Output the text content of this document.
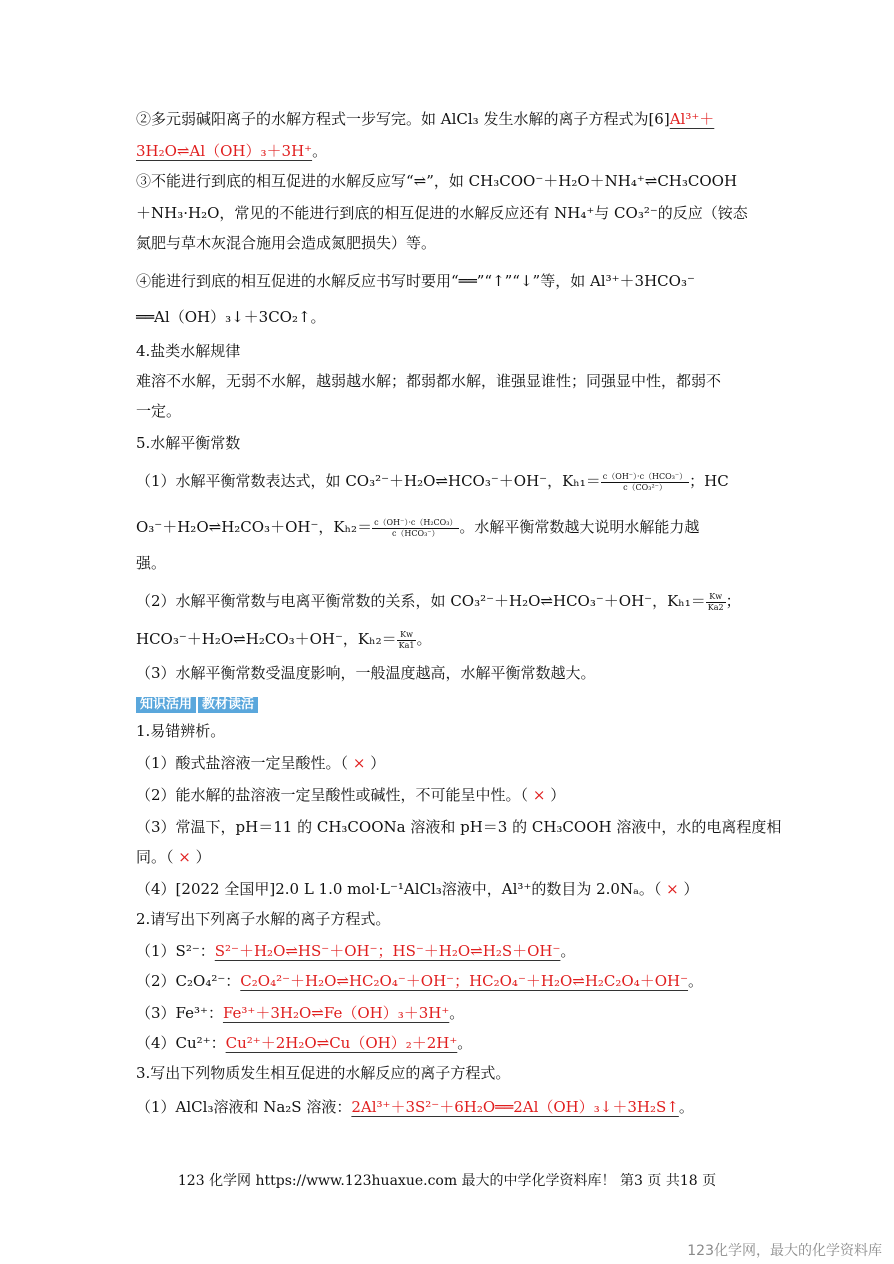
②多元弱碱阳离子的水解方程式一步写完。如 AlCl₃ 发生水解的离子方程式为[6]Al³⁺＋
3H₂O⇌Al（OH）₃＋3H⁺。
③不能进行到底的相互促进的水解反应写“⇌”，如 CH₃COO⁻＋H₂O＋NH₄⁺⇌CH₃COOH
＋NH₃·H₂O，常见的不能进行到底的相互促进的水解反应还有 NH₄⁺与 CO₃²⁻的反应（铵态
氮肥与草木灰混合施用会造成氮肥损失）等。
④能进行到底的相互促进的水解反应书写时要用“══”“↑”“↓”等，如 Al³⁺＋3HCO₃⁻
══Al（OH）₃↓＋3CO₂↑。
4.盐类水解规律
难溶不水解，无弱不水解，越弱越水解；都弱都水解，谁强显谁性；同强显中性，都弱不
一定。
5.水解平衡常数
（1）水解平衡常数表达式，如 CO₃²⁻＋H₂O⇌HCO₃⁻＋OH⁻，$K_{h1}= \frac{\text{c（OH⁻）·c（HCO₃⁻）}}{\text{c（CO₃²⁻）}}$ ；HC
O₃⁻＋H₂O⇌H₂CO₃＋OH⁻，$K_{h2}= \frac{\text{c（OH⁻）·c（H₂CO₃）}}{\text{c（HCO₃⁻）}}$ 。水解平衡常数越大说明水解能力越
强。
（2）水解平衡常数与电离平衡常数的关系，如 CO₃²⁻＋H₂O⇌HCO₃⁻＋OH⁻，$K_{h1}= \frac{Kw}{Ka2}$ ；
HCO₃⁻＋H₂O⇌H₂CO₃＋OH⁻，$K_{h2}= \frac{Kw}{Ka1}$ 。
（3）水解平衡常数受温度影响，一般温度越高，水解平衡常数越大。
知识活用 教材读活
1.易错辨析。
（1）酸式盐溶液一定呈酸性。（ × ）
（2）能水解的盐溶液一定呈酸性或碱性，不可能呈中性。（ × ）
（3）常温下，pH＝11 的 CH₃COONa 溶液和 pH＝3 的 CH₃COOH 溶液中，水的电离程度相
同。（ × ）
（4）[2022 全国甲]2.0 L 1.0 mol·L⁻¹AlCl₃溶液中，Al³⁺的数目为 2.0Nₐ。（ × ）
2.请写出下列离子水解的离子方程式。
（1）S²⁻：S²⁻＋H₂O⇌HS⁻＋OH⁻；HS⁻＋H₂O⇌H₂S＋OH⁻。
（2）C₂O₄²⁻：C₂O₄²⁻＋H₂O⇌HC₂O₄⁻＋OH⁻；HC₂O₄⁻＋H₂O⇌H₂C₂O₄＋OH⁻。
（3）Fe³⁺：Fe³⁺＋3H₂O⇌Fe（OH）₃＋3H⁺。
（4）Cu²⁺：Cu²⁺＋2H₂O⇌Cu（OH）₂＋2H⁺。
3.写出下列物质发生相互促进的水解反应的离子方程式。
（1）AlCl₃溶液和 Na₂S 溶液：2Al³⁺＋3S²⁻＋6H₂O══2Al（OH）₃↓＋3H₂S↑。
123 化学网 https://www.123huaxue.com 最大的中学化学资料库！ 第3 页 共18 页
123化学网，最大的化学资料库
